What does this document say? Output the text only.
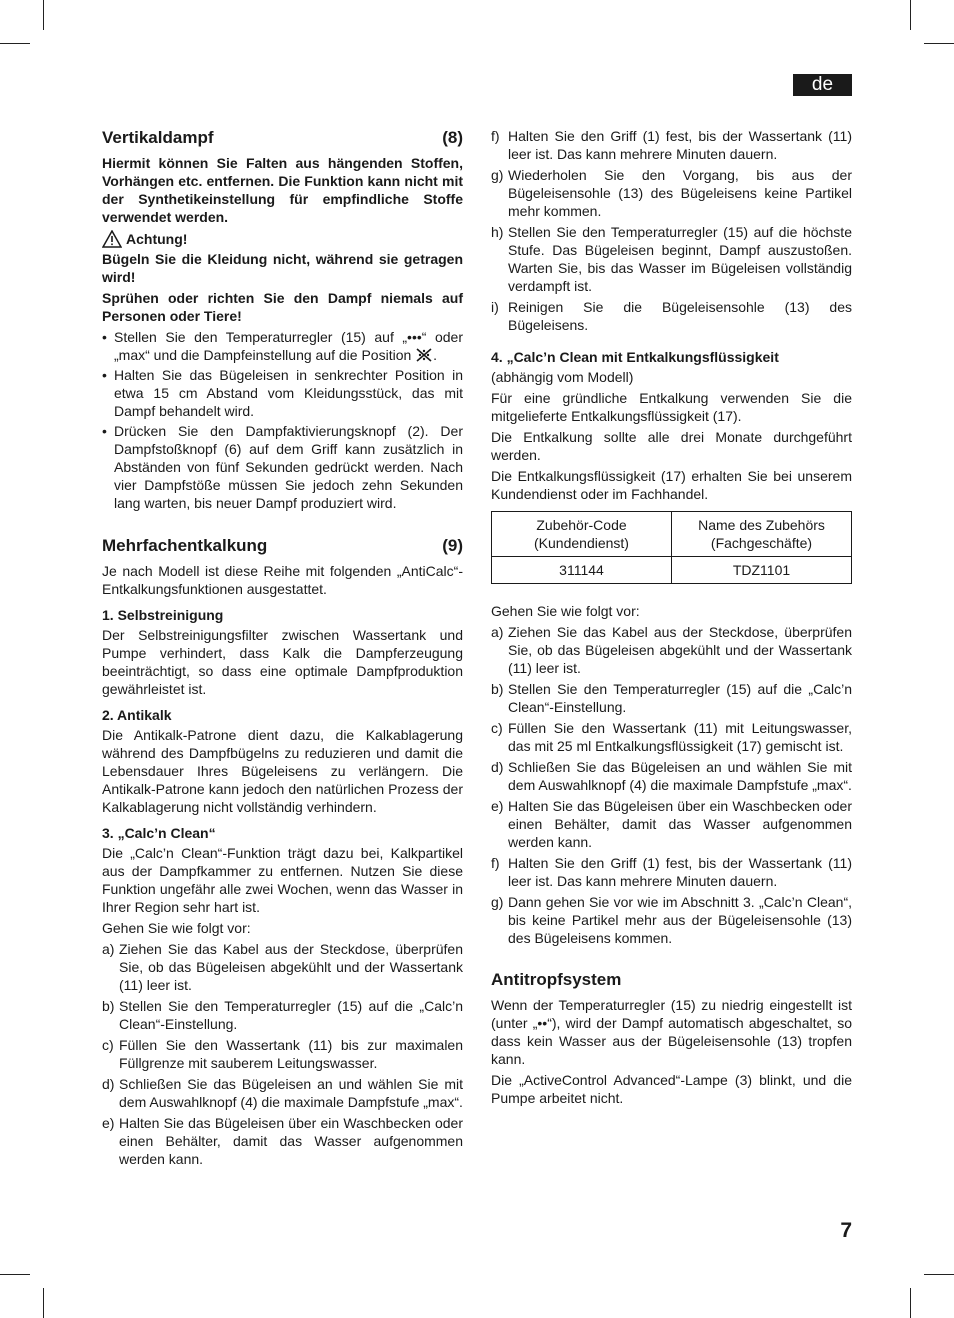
de
7
Vertikaldampf	(8)

Hiermit können Sie Falten aus hängenden Stoffen, Vorhängen etc. entfernen. Die Funktion kann nicht mit der Synthetikeinstellung für empfindliche Stoffe verwendet werden.

Achtung!

Bügeln Sie die Kleidung nicht, während sie getragen wird!

Sprühen oder richten Sie den Dampf niemals auf Personen oder Tiere!

• Stellen Sie den Temperaturregler (15) auf „•••“ oder „max“ und die Dampfeinstellung auf die Position .
• Halten Sie das Bügeleisen in senkrechter Position in etwa 15 cm Abstand vom Kleidungsstück, das mit Dampf behandelt wird.
• Drücken Sie den Dampfaktivierungsknopf (2). Der Dampfstoßknopf (6) auf dem Griff kann zusätzlich in Abständen von fünf Sekunden gedrückt werden. Nach vier Dampfstöße müssen Sie jedoch zehn Sekunden lang warten, bis neuer Dampf produziert wird.
Mehrfachentkalkung	(9)

Je nach Modell ist diese Reihe mit folgenden „AntiCalc“-Entkalkungsfunktionen ausgestattet.

1. Selbstreinigung

Der Selbstreinigungsfilter zwischen Wassertank und Pumpe verhindert, dass Kalk die Dampferzeugung beeinträchtigt, so dass eine optimale Dampfproduktion gewährleistet ist.

2. Antikalk

Die Antikalk-Patrone dient dazu, die Kalkablagerung während des Dampfbügelns zu reduzieren und damit die Lebensdauer Ihres Bügeleisens zu verlängern. Die Antikalk-Patrone kann jedoch den natürlichen Prozess der Kalkablagerung nicht vollständig verhindern.

3. „Calc’n Clean“

Die „Calc’n Clean“-Funktion trägt dazu bei, Kalkpartikel aus der Dampfkammer zu entfernen. Nutzen Sie diese Funktion ungefähr alle zwei Wochen, wenn das Wasser in Ihrer Region sehr hart ist.

Gehen Sie wie folgt vor:

a) Ziehen Sie das Kabel aus der Steckdose, überprüfen Sie, ob das Bügeleisen abgekühlt und der Wassertank (11) leer ist.
b) Stellen Sie den Temperaturregler (15) auf die „Calc’n Clean“-Einstellung.
c) Füllen Sie den Wassertank (11) bis zur maximalen Füllgrenze mit sauberem Leitungswasser.
d) Schließen Sie das Bügeleisen an und wählen Sie mit dem Auswahlknopf (4) die maximale Dampfstufe „max“.
e) Halten Sie das Bügeleisen über ein Waschbecken oder einen Behälter, damit das Wasser aufgenommen werden kann.
f) Halten Sie den Griff (1) fest, bis der Wassertank (11) leer ist. Das kann mehrere Minuten dauern.
g) Wiederholen Sie den Vorgang, bis aus der Bügeleisensohle (13) des Bügeleisens keine Partikel mehr kommen.
h) Stellen Sie den Temperaturregler (15) auf die höchste Stufe. Das Bügeleisen beginnt, Dampf auszustoßen. Warten Sie, bis das Wasser im Bügeleisen vollständig verdampft ist.
i) Reinigen Sie die Bügeleisensohle (13) des Bügeleisens.
4. „Calc’n Clean mit Entkalkungsflüssigkeit

(abhängig vom Modell)

Für eine gründliche Entkalkung verwenden Sie die mitgelieferte Entkalkungsflüssigkeit (17).

Die Entkalkung sollte alle drei Monate durchgeführt werden.

Die Entkalkungsflüssigkeit (17) erhalten Sie bei unserem Kundendienst oder im Fachhandel.

Zubehör-Code (Kundendienst)	Name des Zubehörs (Fachgeschäfte)
311144	TDZ1101

Gehen Sie wie folgt vor:

a) Ziehen Sie das Kabel aus der Steckdose, überprüfen Sie, ob das Bügeleisen abgekühlt und der Wassertank (11) leer ist.
b) Stellen Sie den Temperaturregler (15) auf die „Calc’n Clean“-Einstellung.
c) Füllen Sie den Wassertank (11) mit Leitungswasser, das mit 25 ml Entkalkungsflüssigkeit (17) gemischt ist.
d) Schließen Sie das Bügeleisen an und wählen Sie mit dem Auswahlknopf (4) die maximale Dampfstufe „max“.
e) Halten Sie das Bügeleisen über ein Waschbecken oder einen Behälter, damit das Wasser aufgenommen werden kann.
f) Halten Sie den Griff (1) fest, bis der Wassertank (11) leer ist. Das kann mehrere Minuten dauern.
g) Dann gehen Sie vor wie im Abschnitt 3. „Calc’n Clean“, bis keine Partikel mehr aus der Bügeleisensohle (13) des Bügeleisens kommen.
Antitropfsystem

Wenn der Temperaturregler (15) zu niedrig eingestellt ist (unter „••“), wird der Dampf automatisch abgeschaltet, so dass kein Wasser aus der Bügeleisensohle (13) tropfen kann.

Die „ActiveControl Advanced“-Lampe (3) blinkt, und die Pumpe arbeitet nicht.
